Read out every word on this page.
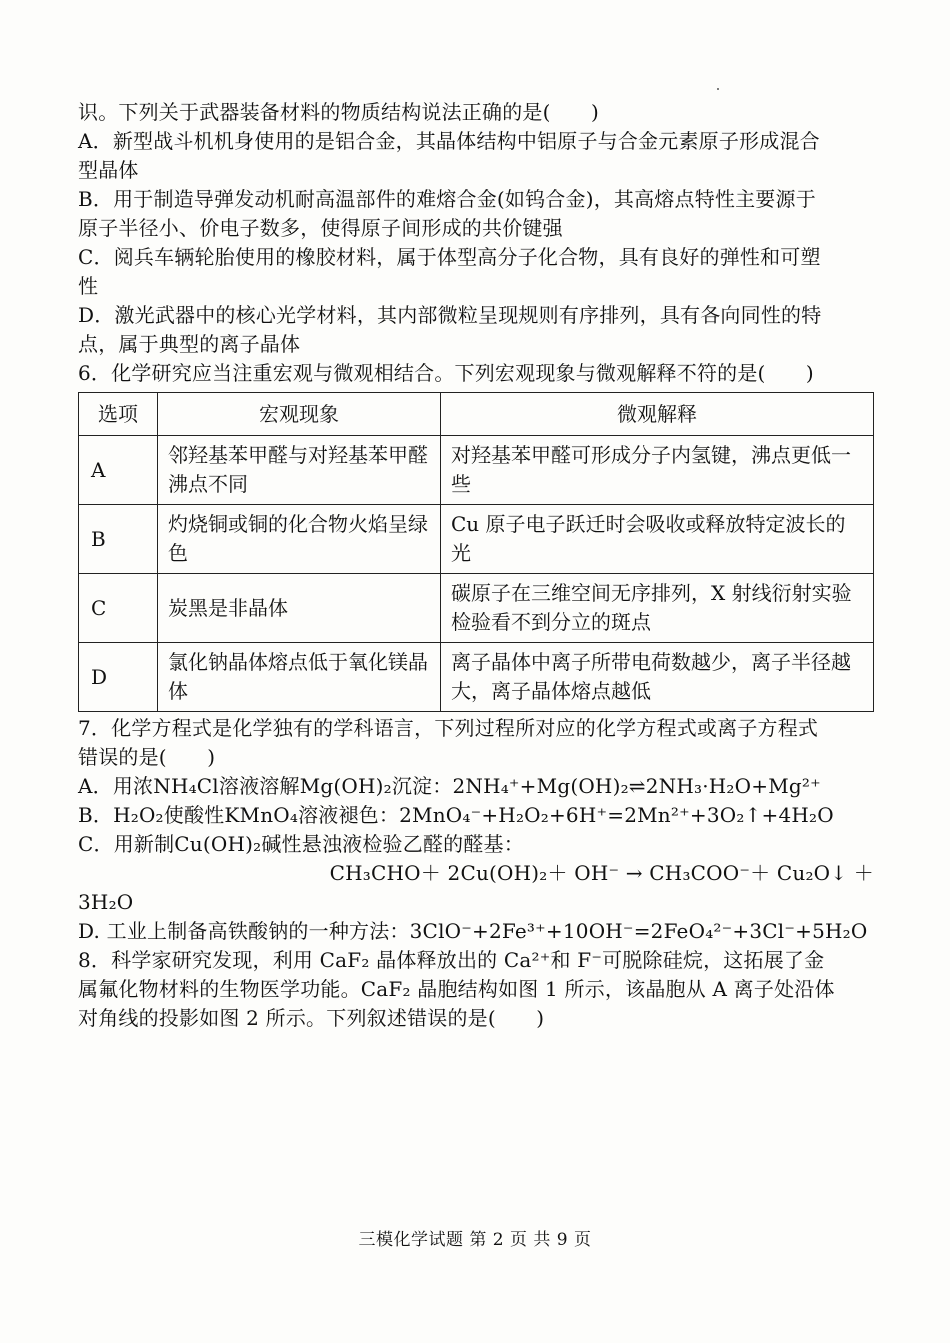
识。下列关于武器装备材料的物质结构说法正确的是(　　)
A．新型战斗机机身使用的是铝合金，其晶体结构中铝原子与合金元素原子形成混合
型晶体
B．用于制造导弹发动机耐高温部件的难熔合金(如钨合金)，其高熔点特性主要源于
原子半径小、价电子数多，使得原子间形成的共价键强
C．阅兵车辆轮胎使用的橡胶材料，属于体型高分子化合物，具有良好的弹性和可塑
性
D．激光武器中的核心光学材料，其内部微粒呈现规则有序排列，具有各向同性的特
点，属于典型的离子晶体
6．化学研究应当注重宏观与微观相结合。下列宏观现象与微观解释不符的是(　　)
选项	宏观现象	微观解释
A	邻羟基苯甲醛与对羟基苯甲醛沸点不同	对羟基苯甲醛可形成分子内氢键，沸点更低一些
B	灼烧铜或铜的化合物火焰呈绿色	Cu 原子电子跃迁时会吸收或释放特定波长的光
C	炭黑是非晶体	碳原子在三维空间无序排列，X 射线衍射实验检验看不到分立的斑点
D	氯化钠晶体熔点低于氧化镁晶体	离子晶体中离子所带电荷数越少，离子半径越大，离子晶体熔点越低
7．化学方程式是化学独有的学科语言，下列过程所对应的化学方程式或离子方程式
错误的是(　　)
A．用浓NH₄Cl溶液溶解Mg(OH)₂沉淀：2NH₄⁺+Mg(OH)₂⇌2NH₃·H₂O+Mg²⁺
B．H₂O₂使酸性KMnO₄溶液褪色：2MnO₄⁻+H₂O₂+6H⁺=2Mn²⁺+3O₂↑+4H₂O
C．用新制Cu(OH)₂碱性悬浊液检验乙醛的醛基：
CH₃CHO＋ 2Cu(OH)₂＋ OH⁻ → CH₃COO⁻＋ Cu₂O↓ ＋
3H₂O
D. 工业上制备高铁酸钠的一种方法：3ClO⁻+2Fe³⁺+10OH⁻=2FeO₄²⁻+3Cl⁻+5H₂O
8．科学家研究发现，利用 CaF₂ 晶体释放出的 Ca²⁺和 F⁻可脱除硅烷，这拓展了金
属氟化物材料的生物医学功能。CaF₂ 晶胞结构如图 1 所示，该晶胞从 A 离子处沿体
对角线的投影如图 2 所示。下列叙述错误的是(　　)
三模化学试题 第 2 页 共 9 页
